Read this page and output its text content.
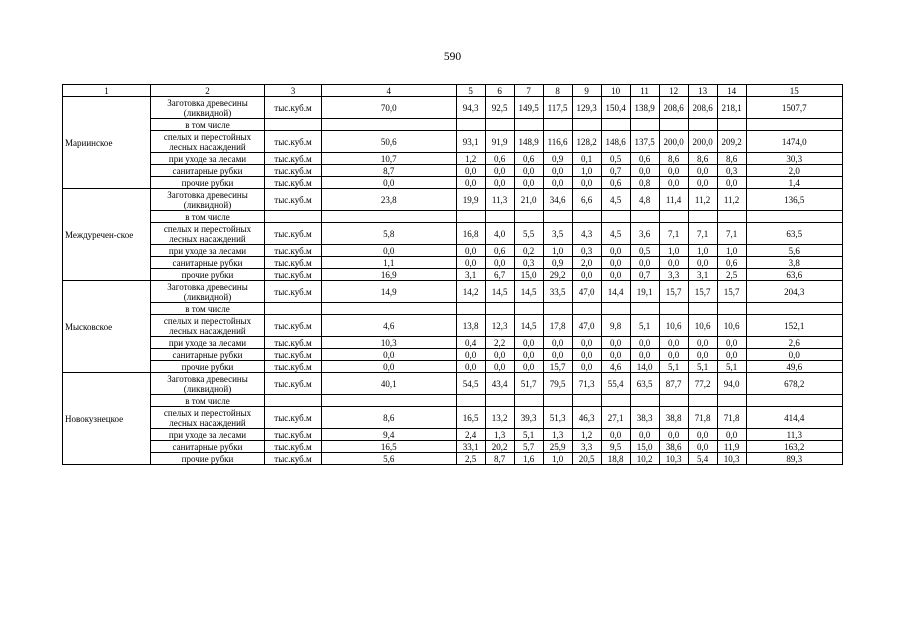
590
1	2	3	4	5	6	7	8	9	10	11	12	13	14	15
Мариинское	Заготовка древесины (ликвидной)	тыс.куб.м	70,0	94,3	92,5	149,5	117,5	129,3	150,4	138,9	208,6	208,6	218,1	1507,7
	в том числе													
	спелых и перестойных лесных насаждений	тыс.куб.м	50,6	93,1	91,9	148,9	116,6	128,2	148,6	137,5	200,0	200,0	209,2	1474,0
	при уходе за лесами	тыс.куб.м	10,7	1,2	0,6	0,6	0,9	0,1	0,5	0,6	8,6	8,6	8,6	30,3
	санитарные рубки	тыс.куб.м	8,7	0,0	0,0	0,0	0,0	1,0	0,7	0,0	0,0	0,0	0,3	2,0
	прочие рубки	тыс.куб.м	0,0	0,0	0,0	0,0	0,0	0,0	0,6	0,8	0,0	0,0	0,0	1,4
Междуречен-ское	Заготовка древесины (ликвидной)	тыс.куб.м	23,8	19,9	11,3	21,0	34,6	6,6	4,5	4,8	11,4	11,2	11,2	136,5
	в том числе													
	спелых и перестойных лесных насаждений	тыс.куб.м	5,8	16,8	4,0	5,5	3,5	4,3	4,5	3,6	7,1	7,1	7,1	63,5
	при уходе за лесами	тыс.куб.м	0,0	0,0	0,6	0,2	1,0	0,3	0,0	0,5	1,0	1,0	1,0	5,6
	санитарные рубки	тыс.куб.м	1,1	0,0	0,0	0,3	0,9	2,0	0,0	0,0	0,0	0,0	0,6	3,8
	прочие рубки	тыс.куб.м	16,9	3,1	6,7	15,0	29,2	0,0	0,0	0,7	3,3	3,1	2,5	63,6
Мысковское	Заготовка древесины (ликвидной)	тыс.куб.м	14,9	14,2	14,5	14,5	33,5	47,0	14,4	19,1	15,7	15,7	15,7	204,3
	в том числе													
	спелых и перестойных лесных насаждений	тыс.куб.м	4,6	13,8	12,3	14,5	17,8	47,0	9,8	5,1	10,6	10,6	10,6	152,1
	при уходе за лесами	тыс.куб.м	10,3	0,4	2,2	0,0	0,0	0,0	0,0	0,0	0,0	0,0	0,0	2,6
	санитарные рубки	тыс.куб.м	0,0	0,0	0,0	0,0	0,0	0,0	0,0	0,0	0,0	0,0	0,0	0,0
	прочие рубки	тыс.куб.м	0,0	0,0	0,0	0,0	15,7	0,0	4,6	14,0	5,1	5,1	5,1	49,6
Новокузнецкое	Заготовка древесины (ликвидной)	тыс.куб.м	40,1	54,5	43,4	51,7	79,5	71,3	55,4	63,5	87,7	77,2	94,0	678,2
	в том числе													
	спелых и перестойных лесных насаждений	тыс.куб.м	8,6	16,5	13,2	39,3	51,3	46,3	27,1	38,3	38,8	71,8	71,8	414,4
	при уходе за лесами	тыс.куб.м	9,4	2,4	1,3	5,1	1,3	1,2	0,0	0,0	0,0	0,0	0,0	11,3
	санитарные рубки	тыс.куб.м	16,5	33,1	20,2	5,7	25,9	3,3	9,5	15,0	38,6	0,0	11,9	163,2
	прочие рубки	тыс.куб.м	5,6	2,5	8,7	1,6	1,0	20,5	18,8	10,2	10,3	5,4	10,3	89,3
